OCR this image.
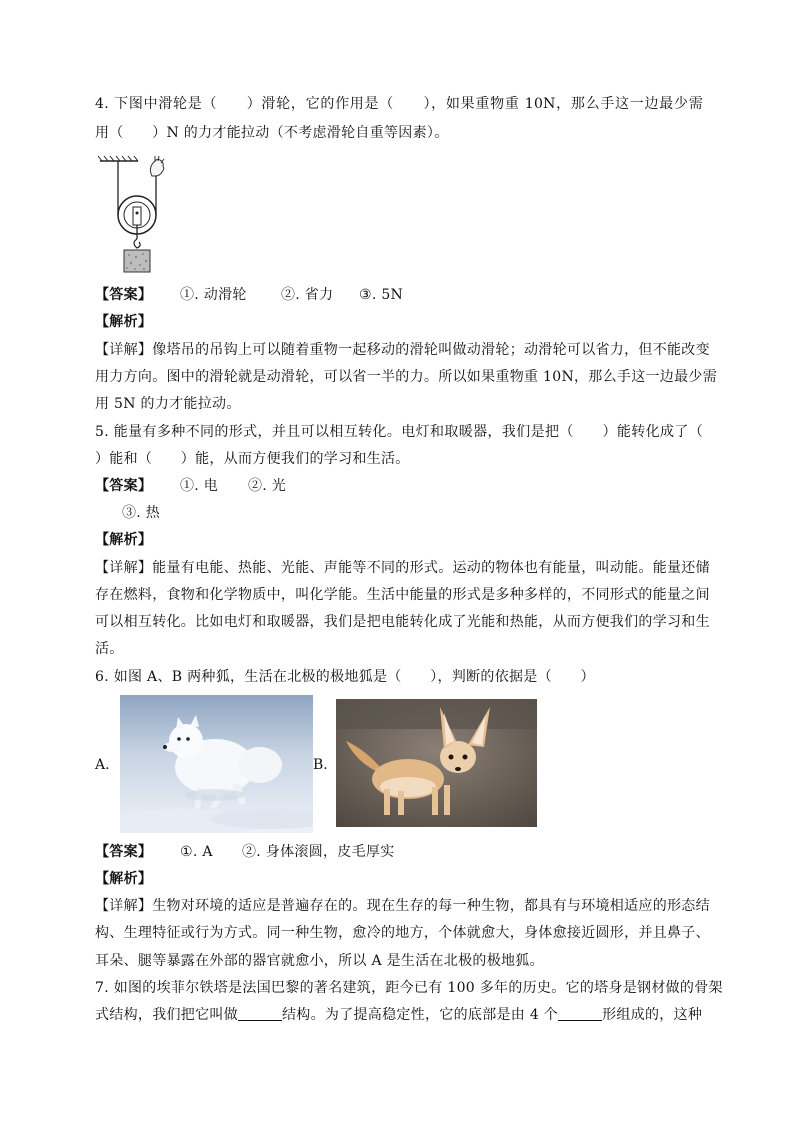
4. 下图中滑轮是（　　）滑轮，它的作用是（　　），如果重物重 10N，那么手这一边最少需
用（　　）N 的力才能拉动（不考虑滑轮自重等因素）。
【答案】 ①. 动滑轮 ②. 省力 ③. 5N
【解析】
【详解】像塔吊的吊钩上可以随着重物一起移动的滑轮叫做动滑轮；动滑轮可以省力，但不能改变
用力方向。图中的滑轮就是动滑轮，可以省一半的力。所以如果重物重 10N，那么手这一边最少需
用 5N 的力才能拉动。
5. 能量有多种不同的形式，并且可以相互转化。电灯和取暖器，我们是把（　　）能转化成了（
）能和（　　）能，从而方便我们的学习和生活。
【答案】 ①. 电 ②. 光
③. 热
【解析】
【详解】能量有电能、热能、光能、声能等不同的形式。运动的物体也有能量，叫动能。能量还储
存在燃料，食物和化学物质中，叫化学能。生活中能量的形式是多种多样的，不同形式的能量之间
可以相互转化。比如电灯和取暖器，我们是把电能转化成了光能和热能，从而方便我们的学习和生
活。
6. 如图 A、B 两种狐，生活在北极的极地狐是（　　），判断的依据是（　　）
A.	B.
【答案】 ①. A ②. 身体滚圆，皮毛厚实
【解析】
【详解】生物对环境的适应是普遍存在的。现在生存的每一种生物，都具有与环境相适应的形态结
构、生理特征或行为方式。同一种生物，愈冷的地方，个体就愈大，身体愈接近圆形，并且鼻子、
耳朵、腿等暴露在外部的器官就愈小，所以 A 是生活在北极的极地狐。
7. 如图的埃菲尔铁塔是法国巴黎的著名建筑，距今已有 100 多年的历史。它的塔身是钢材做的骨架
式结构，我们把它叫做	结构。为了提高稳定性，它的底部是由 4 个	形组成的，这种
